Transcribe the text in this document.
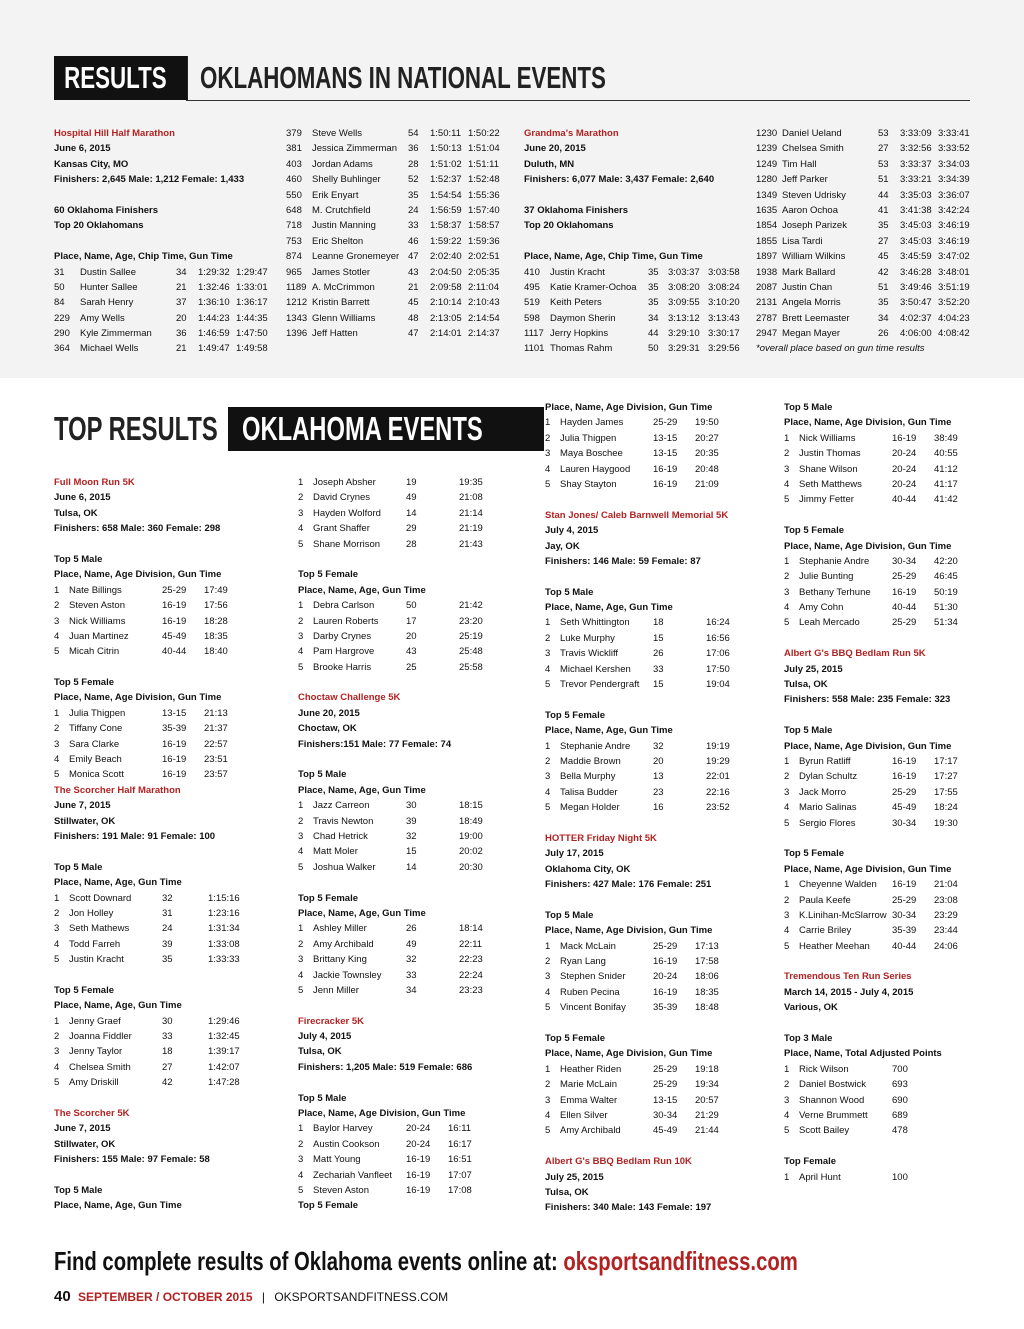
RESULTS	OKLAHOMANS IN NATIONAL EVENTS
Hospital Hill Half Marathon
June 6, 2015
Kansas City, MO
Finishers: 2,645 Male: 1,212 Female: 1,433
60 Oklahoma Finishers
Top 20 Oklahomans
Place, Name, Age, Chip Time, Gun Time
31	Dustin Sallee	34	1:29:32 1:29:47
50	Hunter Sallee	21	1:32:46 1:33:01
84	Sarah Henry	37	1:36:10 1:36:17
229	Amy Wells	20	1:44:23 1:44:35
290	Kyle Zimmerman	36	1:46:59 1:47:50
364	Michael Wells	21	1:49:47 1:49:58
379	Steve Wells	54	1:50:11 1:50:22
381	Jessica Zimmerman	36	1:50:13 1:51:04
403	Jordan Adams	28	1:51:02 1:51:11
460	Shelly Buhlinger	52	1:52:37 1:52:48
550	Erik Enyart	35	1:54:54 1:55:36
648	M. Crutchfield	24	1:56:59 1:57:40
718	Justin Manning	33	1:58:37 1:58:57
753	Eric Shelton	46	1:59:22 1:59:36
874	Leanne Gronemeyer 47	2:02:40 2:02:51
965	James Stotler	43	2:04:50 2:05:35
1189 A. McCrimmon	21	2:09:58 2:11:04
1212 Kristin Barrett	45	2:10:14 2:10:43
1343 Glenn Williams	48	2:13:05 2:14:54
1396 Jeff Hatten	47	2:14:01 2:14:37
Grandma's Marathon
June 20, 2015
Duluth, MN
Finishers: 6,077 Male: 3,437 Female: 2,640
37 Oklahoma Finishers
Top 20 Oklahomans
Place, Name, Age, Chip Time, Gun Time
410	Justin Kracht	35 3:03:37 3:03:58
495	Katie Kramer-Ochoa	35 3:08:20 3:08:24
519	Keith Peters	35 3:09:55 3:10:20
598	Daymon Sherin	34 3:13:12 3:13:43
1117 Jerry Hopkins	44 3:29:10 3:30:17
1101 Thomas Rahm	50 3:29:31 3:29:56
1230 Daniel Ueland	53	3:33:09 3:33:41
1239 Chelsea Smith	27	3:32:56 3:33:52
1249 Tim Hall	53	3:33:37 3:34:03
1280 Jeff Parker	51	3:33:21 3:34:39
1349 Steven Udrisky	44	3:35:03 3:36:07
1635 Aaron Ochoa	41	3:41:38 3:42:24
1854 Joseph Parizek	35	3:45:03 3:46:19
1855 Lisa Tardi	27	3:45:03 3:46:19
1897 William Wilkins	45	3:45:59 3:47:02
1938 Mark Ballard	42	3:46:28 3:48:01
2087 Justin Chan	51	3:49:46 3:51:19
2131 Angela Morris	35	3:50:47 3:52:20
2787 Brett Leemaster	34	4:02:37 4:04:23
2947 Megan Mayer	26	4:06:00 4:08:42
*overall place based on gun time results
TOP RESULTS OKLAHOMA EVENTS
Full Moon Run 5K
June 6, 2015
Tulsa, OK
Finishers: 658 Male: 360 Female: 298
Top 5 Male
Place, Name, Age Division, Gun Time
1	Nate Billings	25-29	17:49
2	Steven Aston	16-19	17:56
3	Nick Williams	16-19	18:28
4	Juan Martinez	45-49	18:35
5	Micah Citrin	40-44	18:40
Top 5 Female
Place, Name, Age Division, Gun Time
1	Julia Thigpen	13-15	21:13
2	Tiffany Cone	35-39	21:37
3	Sara Clarke	16-19	22:57
4	Emily Beach	16-19	23:51
5	Monica Scott	16-19	23:57
The Scorcher Half Marathon
June 7, 2015
Stillwater, OK
Finishers: 191 Male: 91 Female: 100
Top 5 Male
Place, Name, Age, Gun Time
1	Scott Downard	32	1:15:16
2	Jon Holley	31	1:23:16
3	Seth Mathews	24	1:31:34
4	Todd Farreh	39	1:33:08
5	Justin Kracht	35	1:33:33
Top 5 Female
Place, Name, Age, Gun Time
1	Jenny Graef	30	1:29:46
2	Joanna Fiddler	33	1:32:45
3	Jenny Taylor	18	1:39:17
4	Chelsea Smith	27	1:42:07
5	Amy Driskill	42	1:47:28
The Scorcher 5K
June 7, 2015
Stillwater, OK
Finishers: 155 Male: 97 Female: 58
Top 5 Male
Place, Name, Age, Gun Time
1	Joseph Absher	19	19:35
2	David Crynes	49	21:08
3	Hayden Wolford	14	21:14
4	Grant Shaffer	29	21:19
5	Shane Morrison	28	21:43
Top 5 Female
Place, Name, Age, Gun Time
1	Debra Carlson	50	21:42
2	Lauren Roberts	17	23:20
3	Darby Crynes	20	25:19
4	Pam Hargrove	43	25:48
5	Brooke Harris	25	25:58
Choctaw Challenge 5K
June 20, 2015
Choctaw, OK
Finishers:151 Male: 77 Female: 74
Top 5 Male
Place, Name, Age, Gun Time
1	Jazz Carreon	30	18:15
2	Travis Newton	39	18:49
3	Chad Hetrick	32	19:00
4	Matt Moler	15	20:02
5	Joshua Walker	14	20:30
Top 5 Female
Place, Name, Age, Gun Time
1	Ashley Miller	26	18:14
2	Amy Archibald	49	22:11
3	Brittany King	32	22:23
4	Jackie Townsley	33	22:24
5	Jenn Miller	34	23:23
Firecracker 5K
July 4, 2015
Tulsa, OK
Finishers: 1,205 Male: 519 Female: 686
Top 5 Male
Place, Name, Age Division, Gun Time
1	Baylor Harvey	20-24	16:11
2	Austin Cookson	20-24	16:17
3	Matt Young	16-19	16:51
4	Zechariah Vanfleet	16-19	17:07
5	Steven Aston	16-19	17:08
Top 5 Female
Place, Name, Age Division, Gun Time
1	Hayden James	25-29	19:50
2	Julia Thigpen	13-15	20:27
3	Maya Boschee	13-15	20:35
4	Lauren Haygood	16-19	20:48
5	Shay Stayton	16-19	21:09
Stan Jones/ Caleb Barnwell Memorial 5K
July 4, 2015
Jay, OK
Finishers: 146 Male: 59 Female: 87
Top 5 Male
Place, Name, Age, Gun Time
1	Seth Whittington	18	16:24
2	Luke Murphy	15	16:56
3	Travis Wickliff	26	17:06
4	Michael Kershen	33	17:50
5	Trevor Pendergraft	15	19:04
Top 5 Female
Place, Name, Age, Gun Time
1	Stephanie Andre	32	19:19
2	Maddie Brown	20	19:29
3	Bella Murphy	13	22:01
4	Talisa Budder	23	22:16
5	Megan Holder	16	23:52
HOTTER Friday Night 5K
July 17, 2015
Oklahoma City, OK
Finishers: 427 Male: 176 Female: 251
Top 5 Male
Place, Name, Age Division, Gun Time
1	Mack McLain	25-29	17:13
2	Ryan Lang	16-19	17:58
3	Stephen Snider	20-24	18:06
4	Ruben Pecina	16-19	18:35
5	Vincent Bonifay	35-39	18:48
Top 5 Female
Place, Name, Age Division, Gun Time
1	Heather Riden	25-29	19:18
2	Marie McLain	25-29	19:34
3	Emma Walter	13-15	20:57
4	Ellen Silver	30-34	21:29
5	Amy Archibald	45-49	21:44
Albert G's BBQ Bedlam Run 10K
July 25, 2015
Tulsa, OK
Finishers: 340 Male: 143 Female: 197
Top 5 Male
Place, Name, Age Division, Gun Time
1	Nick Williams	16-19	38:49
2	Justin Thomas	20-24	40:55
3	Shane Wilson	20-24	41:12
4	Seth Matthews	20-24	41:17
5	Jimmy Fetter	40-44	41:42
Top 5 Female
Place, Name, Age Division, Gun Time
1	Stephanie Andre	30-34	42:20
2	Julie Bunting	25-29	46:45
3	Bethany Terhune	16-19	50:19
4	Amy Cohn	40-44	51:30
5	Leah Mercado	25-29	51:34
Albert G's BBQ Bedlam Run 5K
July 25, 2015
Tulsa, OK
Finishers: 558 Male: 235 Female: 323
Top 5 Male
Place, Name, Age Division, Gun Time
1	Byrun Ratliff	16-19	17:17
2	Dylan Schultz	16-19	17:27
3	Jack Morro	25-29	17:55
4	Mario Salinas	45-49	18:24
5	Sergio Flores	30-34	19:30
Top 5 Female
Place, Name, Age Division, Gun Time
1	Cheyenne Walden	16-19	21:04
2	Paula Keefe	25-29	23:08
3	K.Linihan-McSlarrow 30-34	23:29
4	Carrie Briley	35-39	23:44
5	Heather Meehan	40-44	24:06
Tremendous Ten Run Series
March 14, 2015 - July 4, 2015
Various, OK
Top 3 Male
Place, Name, Total Adjusted Points
1	Rick Wilson	700
2	Daniel Bostwick	693
3	Shannon Wood	690
4	Verne Brummett	689
5	Scott Bailey	478
Top Female
1	April Hunt	100
Find complete results of Oklahoma events online at: oksportsandfitness.com
40 SEPTEMBER / OCTOBER 2015 | OKSPORTSANDFITNESS.COM
